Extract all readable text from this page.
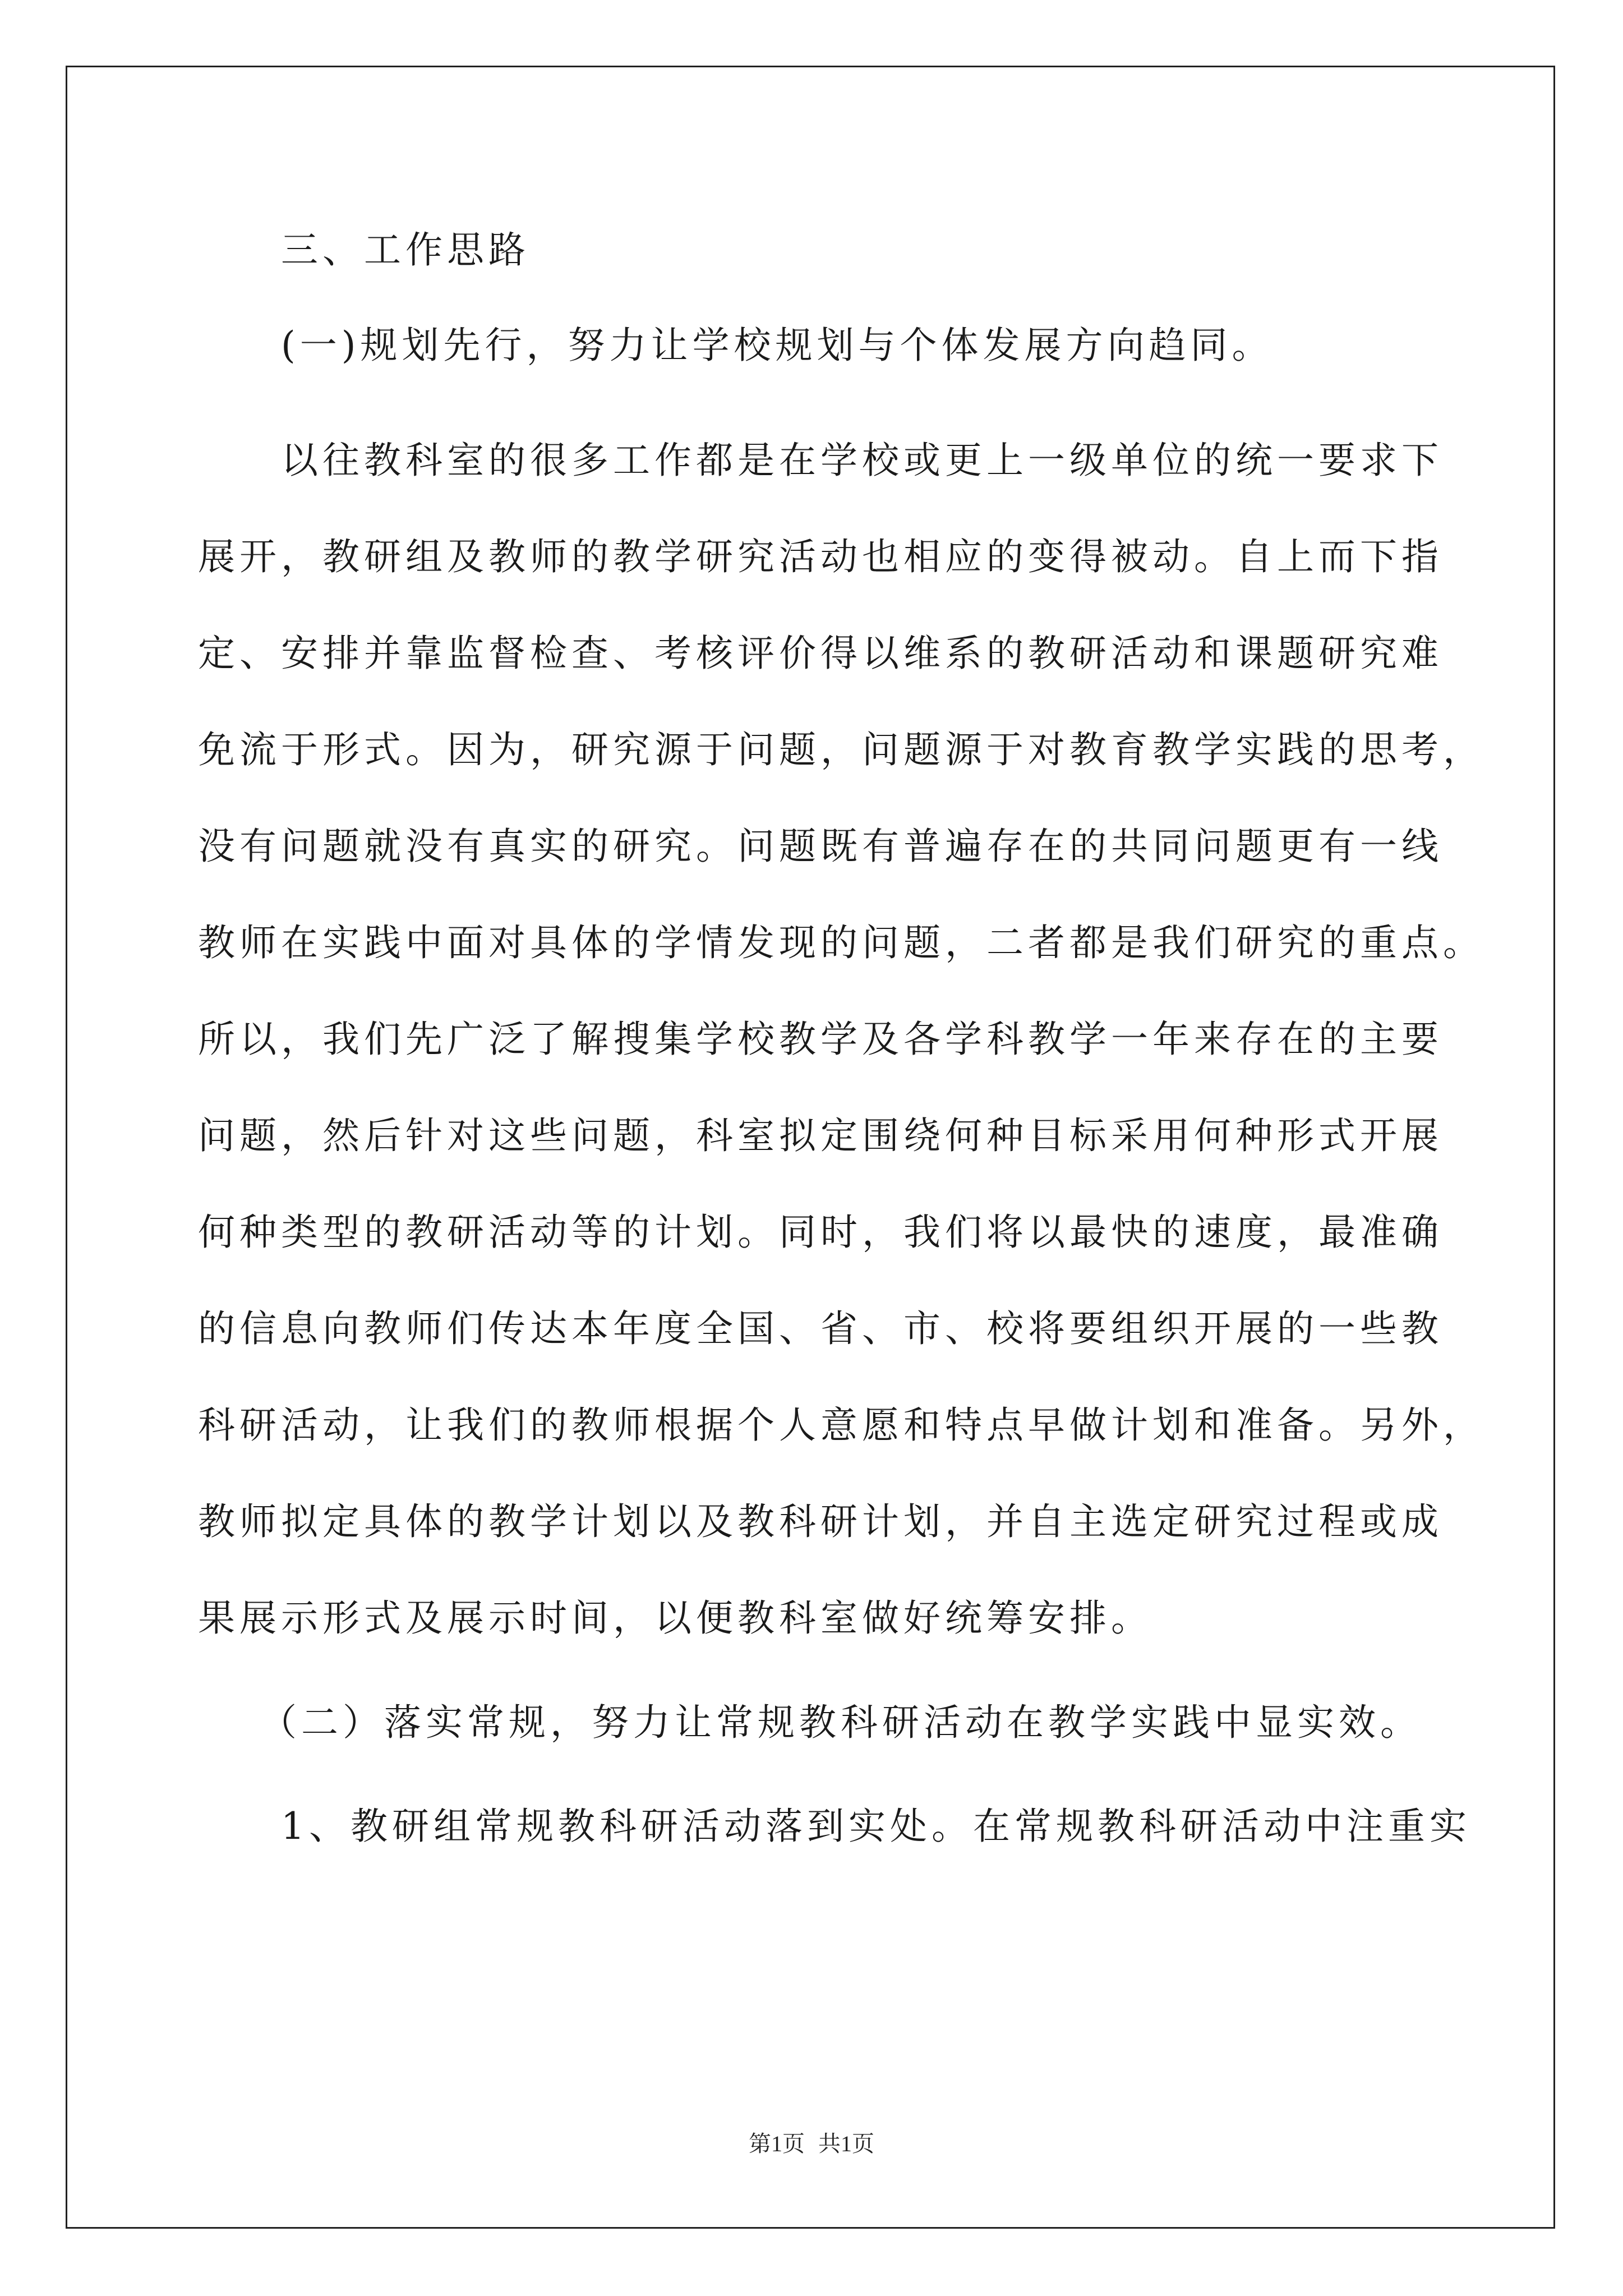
三、工作思路
(一)规划先行，努力让学校规划与个体发展方向趋同。
以往教科室的很多工作都是在学校或更上一级单位的统一要求下
展开，教研组及教师的教学研究活动也相应的变得被动。自上而下指
定、安排并靠监督检查、考核评价得以维系的教研活动和课题研究难
免流于形式。因为，研究源于问题，问题源于对教育教学实践的思考，
没有问题就没有真实的研究。问题既有普遍存在的共同问题更有一线
教师在实践中面对具体的学情发现的问题，二者都是我们研究的重点。
所以，我们先广泛了解搜集学校教学及各学科教学一年来存在的主要
问题，然后针对这些问题，科室拟定围绕何种目标采用何种形式开展
何种类型的教研活动等的计划。同时，我们将以最快的速度，最准确
的信息向教师们传达本年度全国、省、市、校将要组织开展的一些教
科研活动，让我们的教师根据个人意愿和特点早做计划和准备。另外，
教师拟定具体的教学计划以及教科研计划，并自主选定研究过程或成
果展示形式及展示时间，以便教科室做好统筹安排。
（二）落实常规，努力让常规教科研活动在教学实践中显实效。
1、教研组常规教科研活动落到实处。在常规教科研活动中注重实
第1页 共1页
